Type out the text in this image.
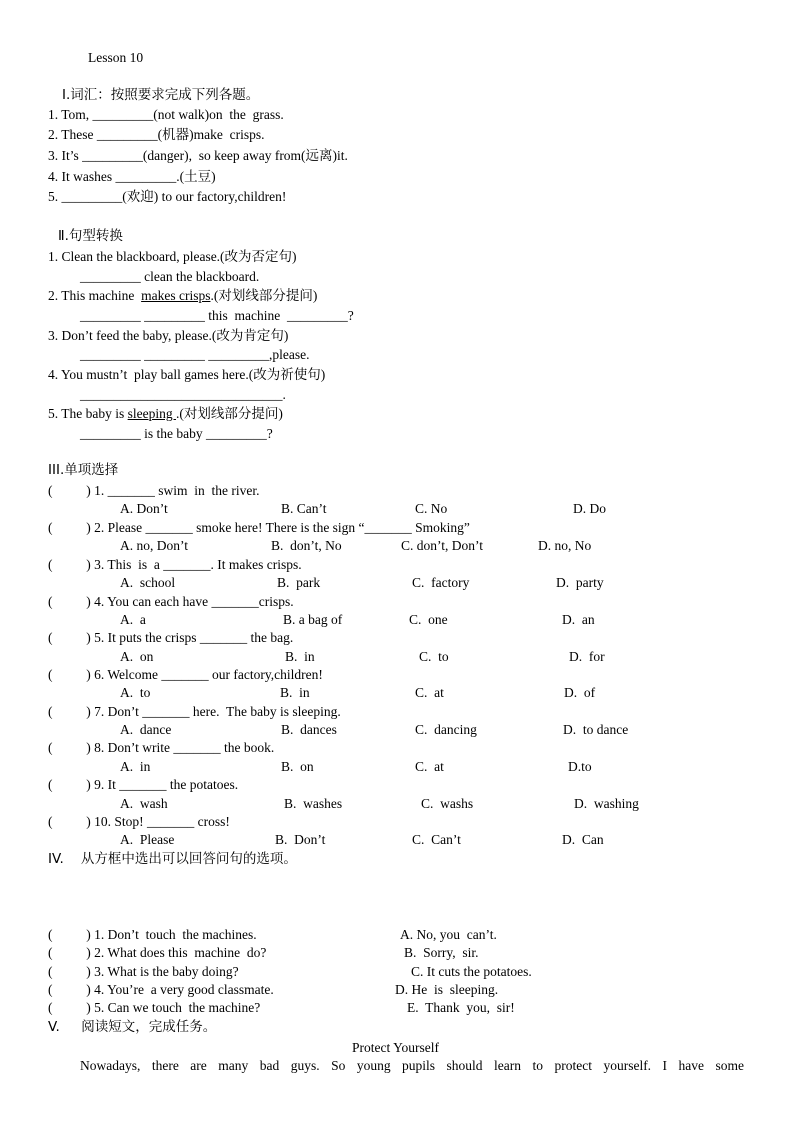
Lesson 10
Ⅰ.词汇：按照要求完成下列各题。
1. Tom, _________(not walk)on  the  grass.
2. These _________(机器)make  crisps.
3. It’s _________(danger),  so keep away from(远离)it.
4. It washes _________.(土豆)
5. _________(欢迎) to our factory,children!
Ⅱ.句型转换
1. Clean the blackboard, please.(改为否定句)
_________ clean the blackboard.
2. This machine  makes crisps.(对划线部分提问)
_________ _________ this  machine  _________?
3. Don’t feed the baby, please.(改为肯定句)
_________ _________ _________,please.
4. You mustn’t  play ball games here.(改为祈使句)
______________________________.
5. The baby is sleeping .(对划线部分提问)
_________ is the baby _________?
III.单项选择
(          ) 1. _______ swim  in  the river.
A. Don’t	B. Can’t	C. No	D. Do
(          ) 2. Please _______ smoke here! There is the sign “_______ Smoking”
A. no, Don’t	B.  don’t, No	C. don’t, Don’t	D. no, No
(          ) 3. This  is  a _______. It makes crisps.
A.  school	B.  park	C.  factory	D.  party
(          ) 4. You can each have _______crisps.
A.  a	B. a bag of	C.  one	D.  an
(          ) 5. It puts the crisps _______ the bag.
A.  on	B.  in	C.  to	D.  for
(          ) 6. Welcome _______ our factory,children!
A.  to	B.  in	C.  at	D.  of
(          ) 7. Don’t _______ here.  The baby is sleeping.
A.  dance	B.  dances	C.  dancing	D.  to dance
(          ) 8. Don’t write _______ the book.
A.  in	B.  on	C.  at	D.to
(          ) 9. It _______ the potatoes.
A.  wash	B.  washes	C.  washs	D.  washing
(          ) 10. Stop! _______ cross!
A.  Please	B.  Don’t	C.  Can’t	D.  Can
IV.    从方框中选出可以回答问句的选项。
(          ) 1. Don’t  touch  the machines.	A. No, you  can’t.
(          ) 2. What does this  machine  do?	B.  Sorry,  sir.
(          ) 3. What is the baby doing?	C. It cuts the potatoes.
(          ) 4. You’re  a very good classmate.	D. He  is  sleeping.
(          ) 5. Can we touch  the machine?	E.  Thank  you,  sir!
V.     阅读短文，完成任务。
Protect Yourself
Nowadays, there are many bad guys. So young pupils should learn to protect yourself. I have some
